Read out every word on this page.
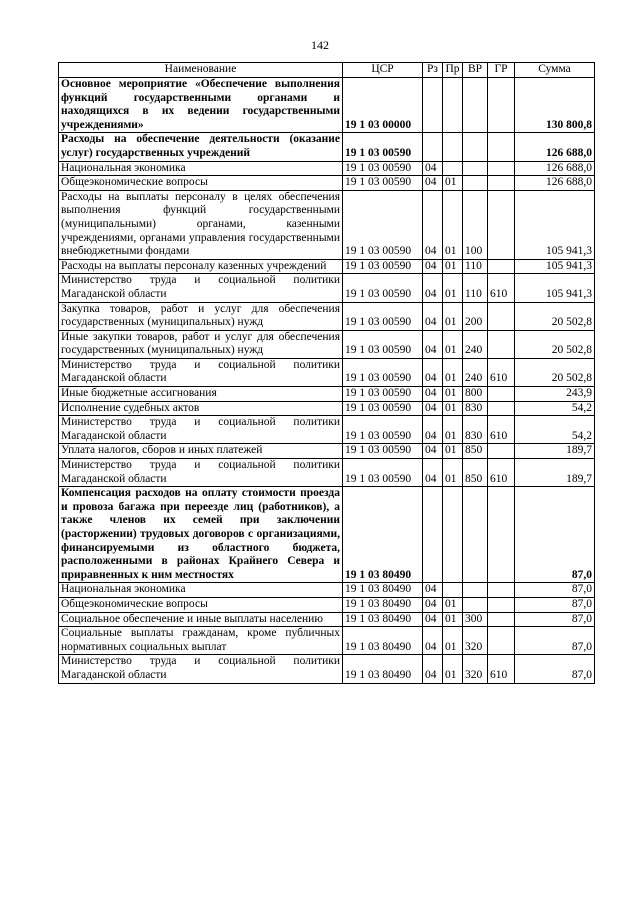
142
Наименование	ЦСР	Рз	Пр	ВР	ГР	Сумма
Основное мероприятие «Обеспечение выполнения функций государственными органами и находящихся в их ведении государственными учреждениями»	19 1 03 00000					130 800,8
Расходы на обеспечение деятельности (оказание услуг) государственных учреждений	19 1 03 00590					126 688,0
Национальная экономика	19 1 03 00590	04				126 688,0
Общеэкономические вопросы	19 1 03 00590	04	01			126 688,0
Расходы на выплаты персоналу в целях обеспечения выполнения функций государственными (муниципальными) органами, казенными учреждениями, органами управления государственными внебюджетными фондами	19 1 03 00590	04	01	100		105 941,3
Расходы на выплаты персоналу казенных учреждений	19 1 03 00590	04	01	110		105 941,3
Министерство труда и социальной политики Магаданской области	19 1 03 00590	04	01	110	610	105 941,3
Закупка товаров, работ и услуг для обеспечения государственных (муниципальных) нужд	19 1 03 00590	04	01	200		20 502,8
Иные закупки товаров, работ и услуг для обеспечения государственных (муниципальных) нужд	19 1 03 00590	04	01	240		20 502,8
Министерство труда и социальной политики Магаданской области	19 1 03 00590	04	01	240	610	20 502,8
Иные бюджетные ассигнования	19 1 03 00590	04	01	800		243,9
Исполнение судебных актов	19 1 03 00590	04	01	830		54,2
Министерство труда и социальной политики Магаданской области	19 1 03 00590	04	01	830	610	54,2
Уплата налогов, сборов и иных платежей	19 1 03 00590	04	01	850		189,7
Министерство труда и социальной политики Магаданской области	19 1 03 00590	04	01	850	610	189,7
Компенсация расходов на оплату стоимости проезда и провоза багажа при переезде лиц (работников), а также членов их семей при заключении (расторжении) трудовых договоров с организациями, финансируемыми из областного бюджета, расположенными в районах Крайнего Севера и приравненных к ним местностях	19 1 03 80490					87,0
Национальная экономика	19 1 03 80490	04				87,0
Общеэкономические вопросы	19 1 03 80490	04	01			87,0
Социальное обеспечение и иные выплаты населению	19 1 03 80490	04	01	300		87,0
Социальные выплаты гражданам, кроме публичных нормативных социальных выплат	19 1 03 80490	04	01	320		87,0
Министерство труда и социальной политики Магаданской области	19 1 03 80490	04	01	320	610	87,0
